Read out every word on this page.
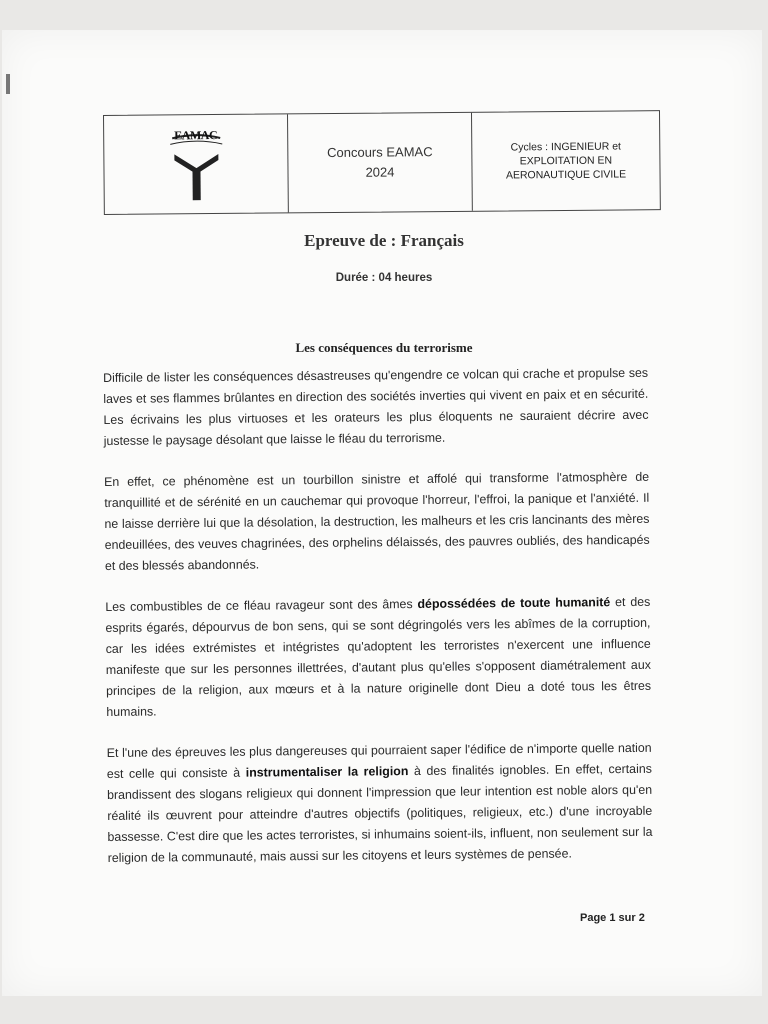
EAMAC
Concours EAMAC
2024
Cycles : INGENIEUR et
EXPLOITATION EN
AERONAUTIQUE CIVILE
Epreuve de : Français
Durée : 04 heures
Les conséquences du terrorisme

Difficile de lister les conséquences désastreuses qu'engendre ce volcan qui crache et propulse ses laves et ses flammes brûlantes en direction des sociétés inverties qui vivent en paix et en sécurité. Les écrivains les plus virtuoses et les orateurs les plus éloquents ne sauraient décrire avec justesse le paysage désolant que laisse le fléau du terrorisme.

En effet, ce phénomène est un tourbillon sinistre et affolé qui transforme l'atmosphère de tranquillité et de sérénité en un cauchemar qui provoque l'horreur, l'effroi, la panique et l'anxiété. Il ne laisse derrière lui que la désolation, la destruction, les malheurs et les cris lancinants des mères endeuillées, des veuves chagrinées, des orphelins délaissés, des pauvres oubliés, des handicapés et des blessés abandonnés.

Les combustibles de ce fléau ravageur sont des âmes dépossédées de toute humanité et des esprits égarés, dépourvus de bon sens, qui se sont dégringolés vers les abîmes de la corruption, car les idées extrémistes et intégristes qu'adoptent les terroristes n'exercent une influence manifeste que sur les personnes illettrées, d'autant plus qu'elles s'opposent diamétralement aux principes de la religion, aux mœurs et à la nature originelle dont Dieu a doté tous les êtres humains.

Et l'une des épreuves les plus dangereuses qui pourraient saper l'édifice de n'importe quelle nation est celle qui consiste à instrumentaliser la religion à des finalités ignobles. En effet, certains brandissent des slogans religieux qui donnent l'impression que leur intention est noble alors qu'en réalité ils œuvrent pour atteindre d'autres objectifs (politiques, religieux, etc.) d'une incroyable bassesse. C'est dire que les actes terroristes, si inhumains soient-ils, influent, non seulement sur la religion de la communauté, mais aussi sur les citoyens et leurs systèmes de pensée.

Page 1 sur 2
